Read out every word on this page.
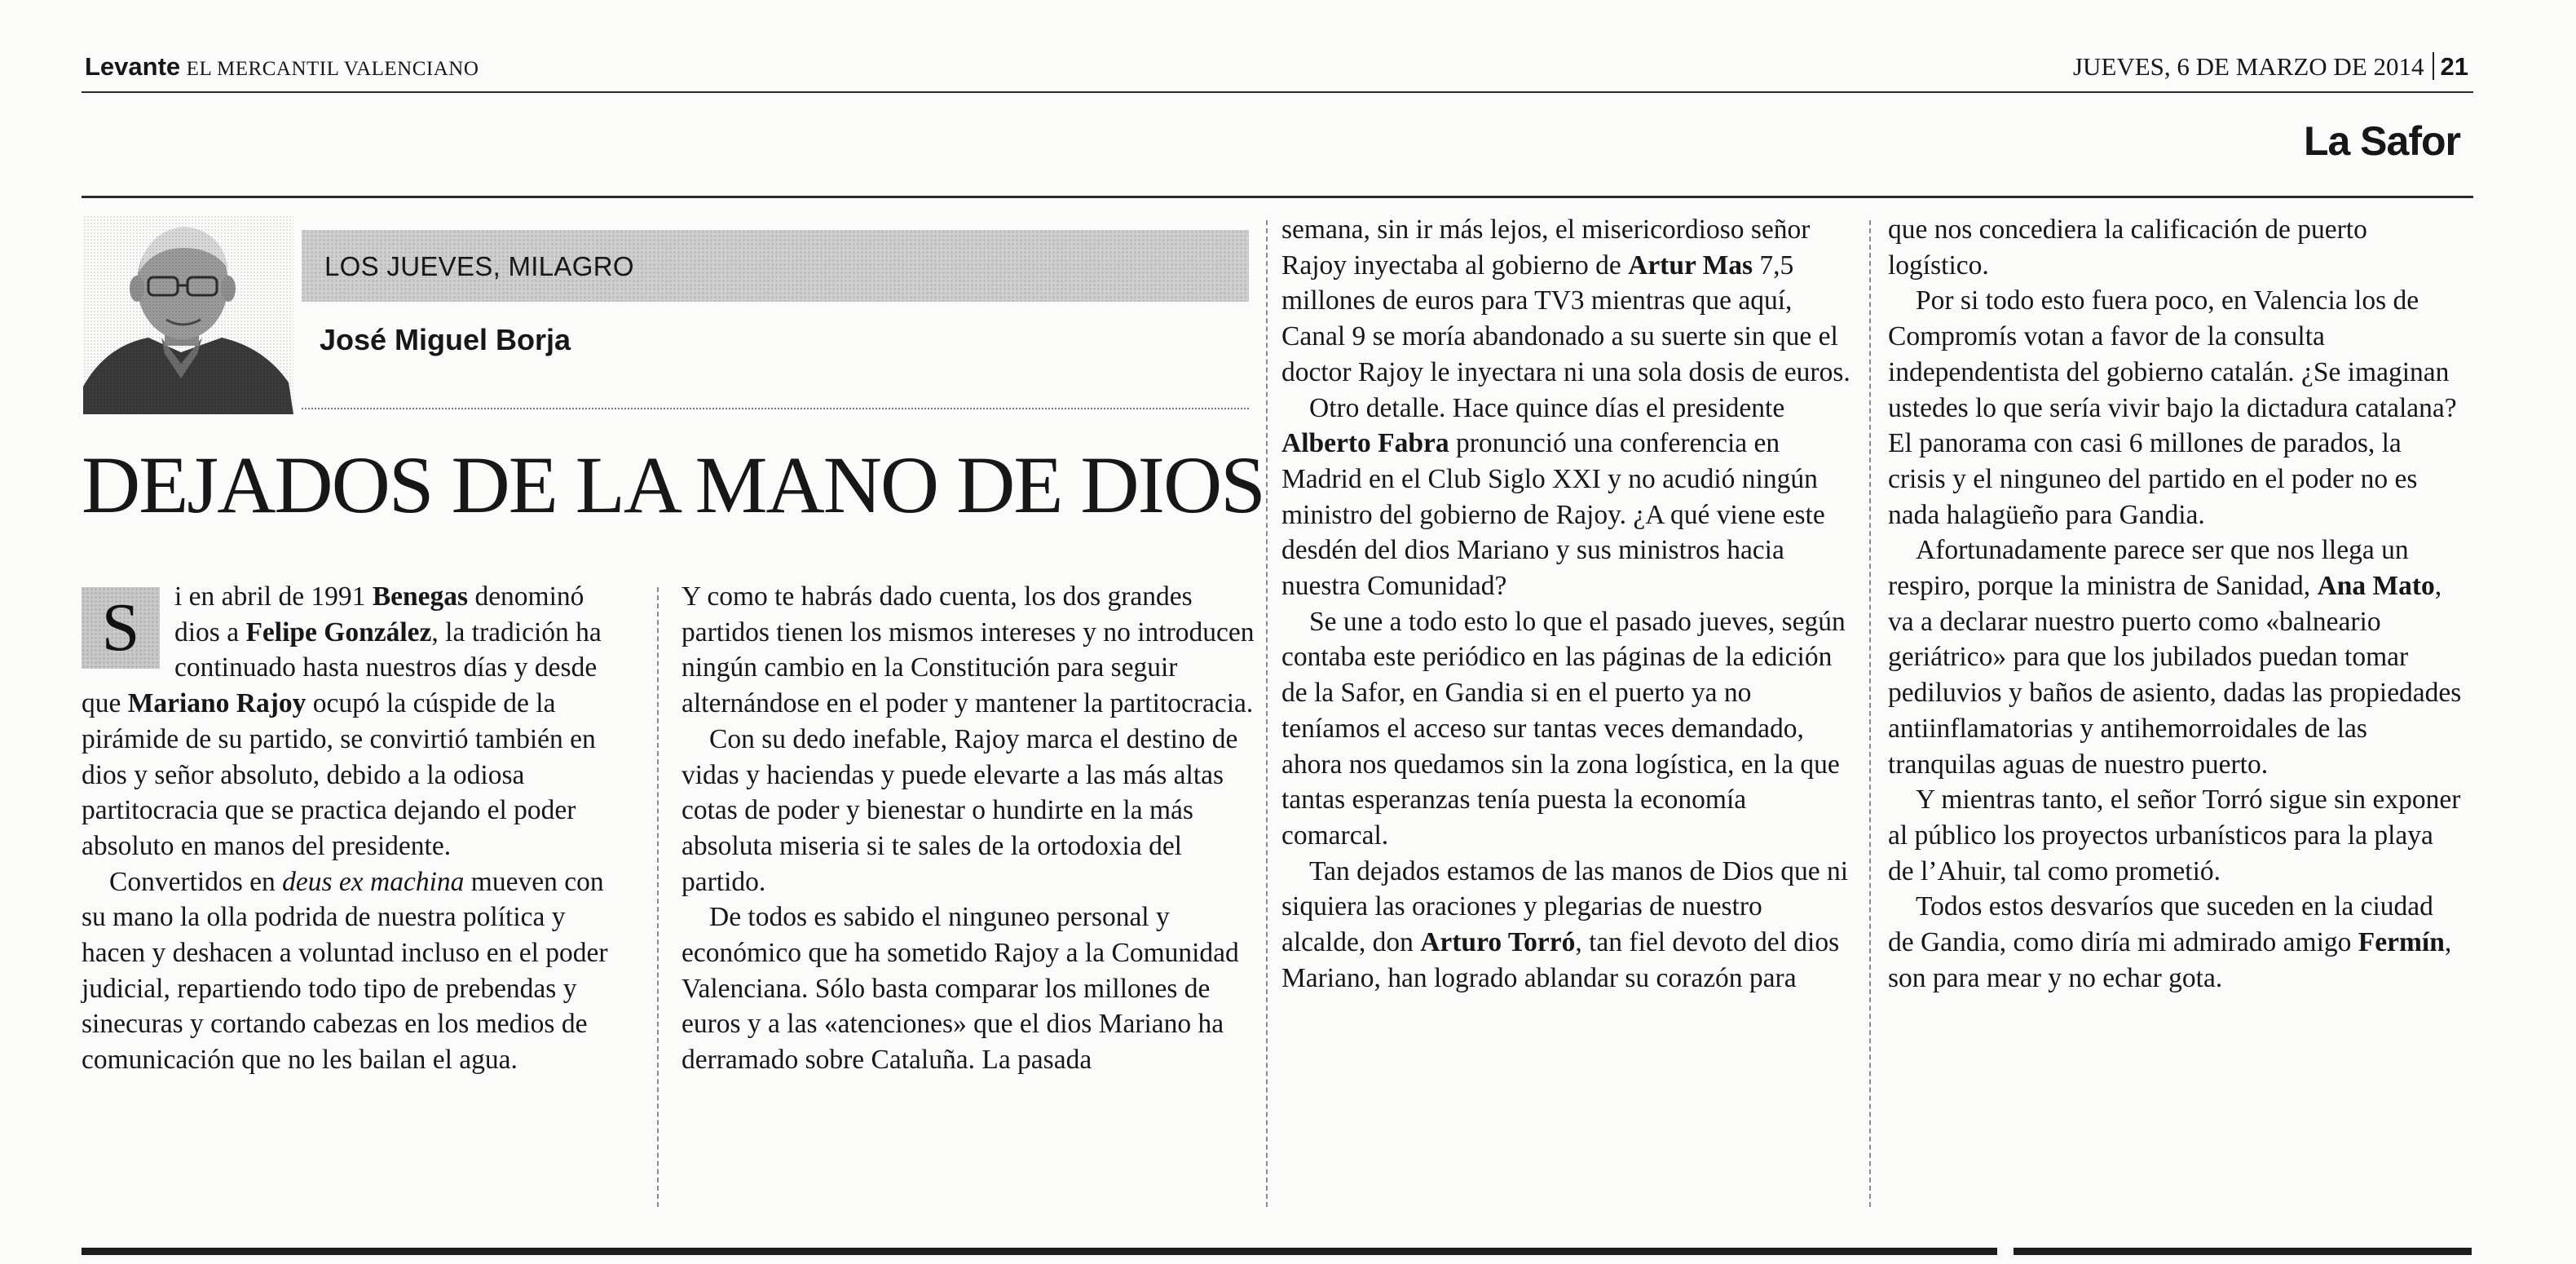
Levante EL MERCANTIL VALENCIANO	JUEVES, 6 DE MARZO DE 2014 21
La Safor
LOS JUEVES, MILAGRO
José Miguel Borja
DEJADOS DE LA MANO DE DIOS

S	i en abril de 1991 Benegas denominó dios a Felipe González, la tradición ha continuado hasta nuestros días y desde que Mariano Rajoy ocupó la cúspide de la pirámide de su partido, se convirtió también en dios y señor absoluto, debido a la odiosa partitocracia que se practica dejando el poder absoluto en manos del presidente.

Convertidos en deus ex machina mueven con su mano la olla podrida de nuestra política y hacen y deshacen a voluntad incluso en el poder judicial, repartiendo todo tipo de prebendas y sinecuras y cortando cabezas en los medios de comunicación que no les bailan el agua.

Y como te habrás dado cuenta, los dos grandes partidos tienen los mismos intereses y no introducen ningún cambio en la Constitución para seguir alternándose en el poder y mantener la partitocracia.

Con su dedo inefable, Rajoy marca el destino de vidas y haciendas y puede elevarte a las más altas cotas de poder y bienestar o hundirte en la más absoluta miseria si te sales de la ortodoxia del partido.

De todos es sabido el ninguneo personal y económico que ha sometido Rajoy a la Comunidad Valenciana. Sólo basta comparar los millones de euros y a las «atenciones» que el dios Mariano ha derramado sobre Cataluña. La pasada

semana, sin ir más lejos, el misericordioso señor Rajoy inyectaba al gobierno de Artur Mas 7,5 millones de euros para TV3 mientras que aquí, Canal 9 se moría abandonado a su suerte sin que el doctor Rajoy le inyectara ni una sola dosis de euros.

Otro detalle. Hace quince días el presidente Alberto Fabra pronunció una conferencia en Madrid en el Club Siglo XXI y no acudió ningún ministro del gobierno de Rajoy. ¿A qué viene este desdén del dios Mariano y sus ministros hacia nuestra Comunidad?

Se une a todo esto lo que el pasado jueves, según contaba este periódico en las páginas de la edición de la Safor, en Gandia si en el puerto ya no teníamos el acceso sur tantas veces demandado, ahora nos quedamos sin la zona logística, en la que tantas esperanzas tenía puesta la economía comarcal.

Tan dejados estamos de las manos de Dios que ni siquiera las oraciones y plegarias de nuestro alcalde, don Arturo Torró, tan fiel devoto del dios Mariano, han logrado ablandar su corazón para

que nos concediera la calificación de puerto logístico.

Por si todo esto fuera poco, en Valencia los de Compromís votan a favor de la consulta independentista del gobierno catalán. ¿Se imaginan ustedes lo que sería vivir bajo la dictadura catalana? El panorama con casi 6 millones de parados, la crisis y el ninguneo del partido en el poder no es nada halagüeño para Gandia.

Afortunadamente parece ser que nos llega un respiro, porque la ministra de Sanidad, Ana Mato, va a declarar nuestro puerto como «balneario geriátrico» para que los jubilados puedan tomar pediluvios y baños de asiento, dadas las propiedades antiinflamatorias y antihemorroidales de las tranquilas aguas de nuestro puerto.

Y mientras tanto, el señor Torró sigue sin exponer al público los proyectos urbanísticos para la playa de l’Ahuir, tal como prometió.

Todos estos desvaríos que suceden en la ciudad de Gandia, como diría mi admirado amigo Fermín, son para mear y no echar gota.
